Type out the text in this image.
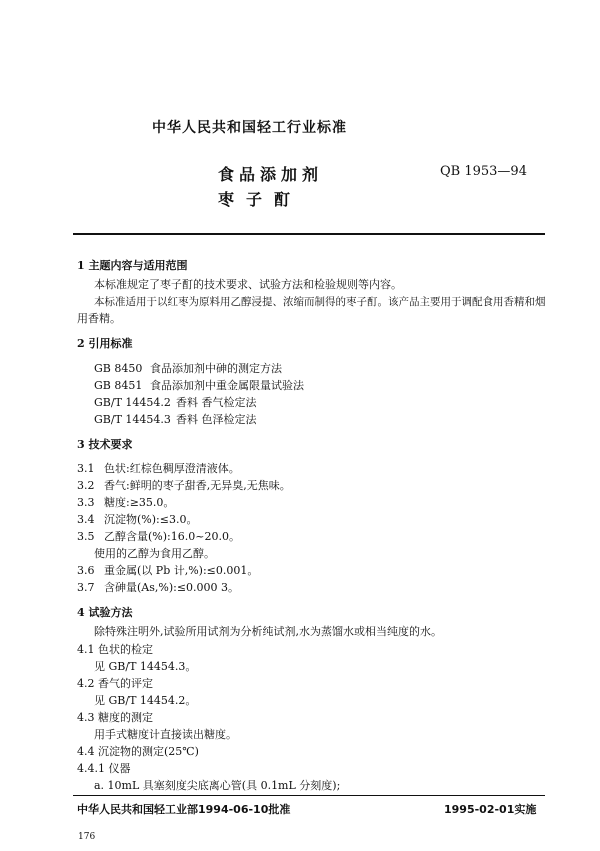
中华人民共和国轻工行业标准
食品添加剂
枣子酊
QB 1953—94
1 主题内容与适用范围
本标准规定了枣子酊的技术要求、试验方法和检验规则等内容。
本标准适用于以红枣为原料用乙醇浸提、浓缩而制得的枣子酊。该产品主要用于调配食用香精和烟
用香精。
2 引用标准
GB 8450 食品添加剂中砷的测定方法
GB 8451 食品添加剂中重金属限量试验法
GB/T 14454.2 香料 香气检定法
GB/T 14454.3 香料 色泽检定法
3 技术要求
3.1 色状:红棕色稠厚澄清液体。
3.2 香气:鲜明的枣子甜香,无异臭,无焦味。
3.3 糖度:≥35.0。
3.4 沉淀物(%):≤3.0。
3.5 乙醇含量(%):16.0~20.0。
使用的乙醇为食用乙醇。
3.6 重金属(以 Pb 计,%):≤0.001。
3.7 含砷量(As,%):≤0.000 3。
4 试验方法
除特殊注明外,试验所用试剂为分析纯试剂,水为蒸馏水或相当纯度的水。
4.1 色状的检定
见 GB/T 14454.3。
4.2 香气的评定
见 GB/T 14454.2。
4.3 糖度的测定
用手式糖度计直接读出糖度。
4.4 沉淀物的测定(25℃)
4.4.1 仪器
a. 10mL 具塞刻度尖底离心管(具 0.1mL 分刻度);
中华人民共和国轻工业部1994-06-10批准	1995-02-01实施
176
